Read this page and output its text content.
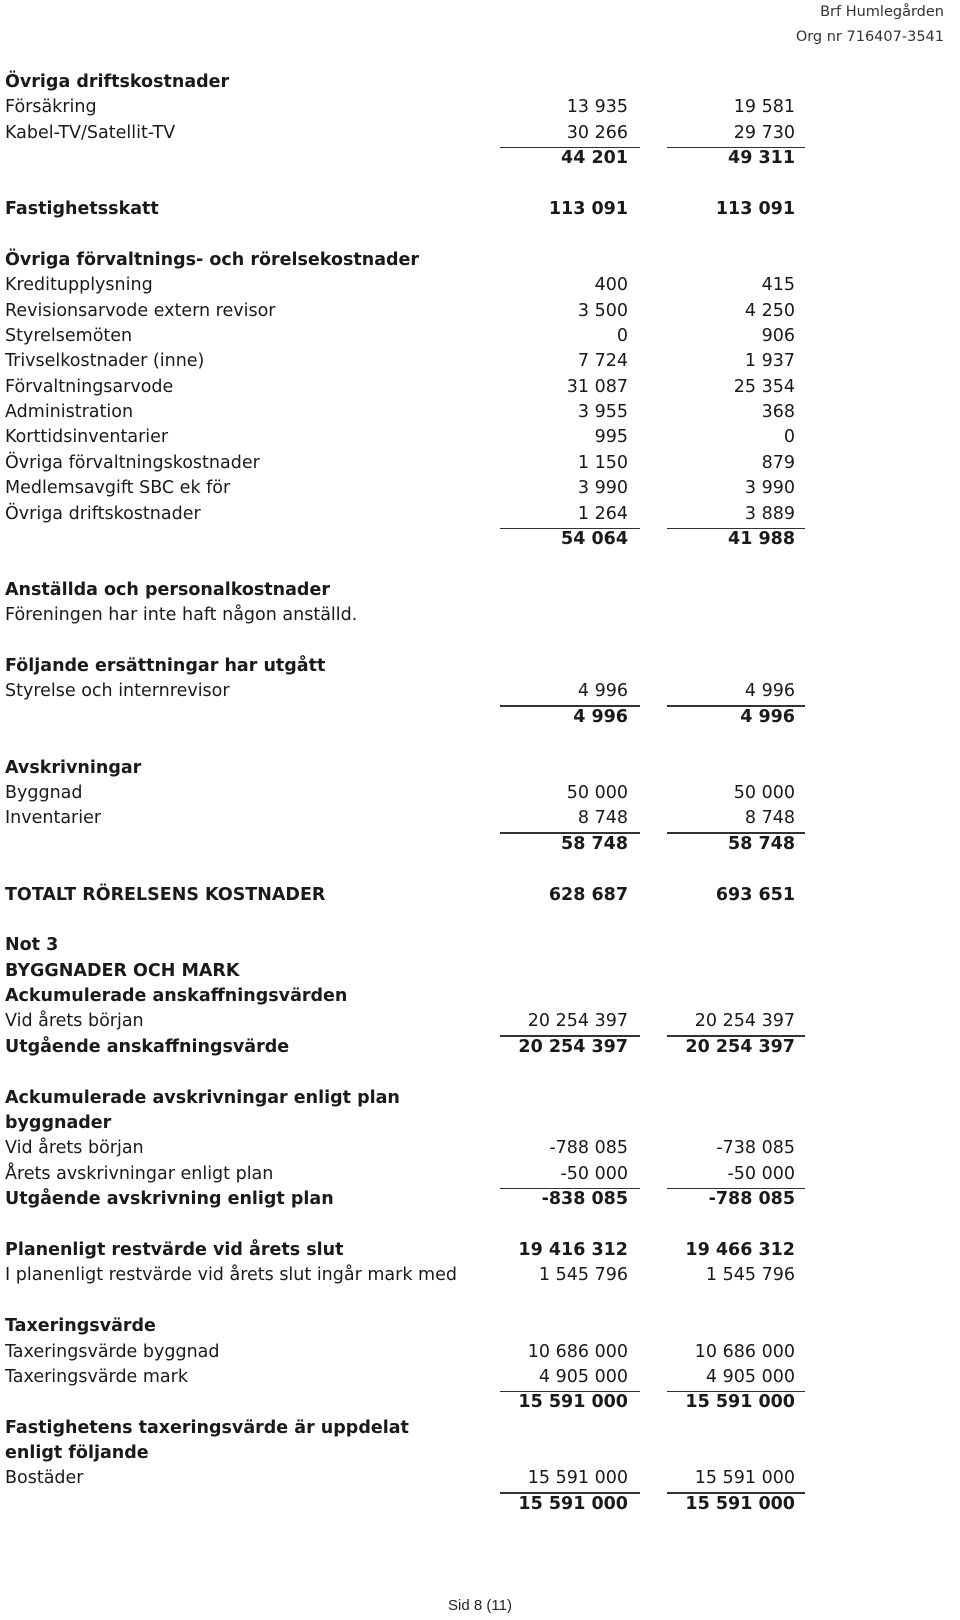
Brf Humlegården
Org nr 716407-3541
Övriga driftskostnader
Försäkring	13 935	19 581
Kabel-TV/Satellit-TV	30 266	29 730
44 201	49 311
Fastighetsskatt	113 091	113 091
Övriga förvaltnings- och rörelsekostnader
Kreditupplysning	400	415
Revisionsarvode extern revisor	3 500	4 250
Styrelsemöten	0	906
Trivselkostnader (inne)	7 724	1 937
Förvaltningsarvode	31 087	25 354
Administration	3 955	368
Korttidsinventarier	995	0
Övriga förvaltningskostnader	1 150	879
Medlemsavgift SBC ek för	3 990	3 990
Övriga driftskostnader	1 264	3 889
54 064	41 988
Anställda och personalkostnader
Föreningen har inte haft någon anställd.
Följande ersättningar har utgått
Styrelse och internrevisor	4 996	4 996
4 996	4 996
Avskrivningar
Byggnad	50 000	50 000
Inventarier	8 748	8 748
58 748	58 748
TOTALT RÖRELSENS KOSTNADER	628 687	693 651
Not 3
BYGGNADER OCH MARK
Ackumulerade anskaffningsvärden
Vid årets början	20 254 397	20 254 397
Utgående anskaffningsvärde	20 254 397	20 254 397
Ackumulerade avskrivningar enligt plan
byggnader
Vid årets början	-788 085	-738 085
Årets avskrivningar enligt plan	-50 000	-50 000
Utgående avskrivning enligt plan	-838 085	-788 085
Planenligt restvärde vid årets slut	19 416 312	19 466 312
I planenligt restvärde vid årets slut ingår mark med	1 545 796	1 545 796
Taxeringsvärde
Taxeringsvärde byggnad	10 686 000	10 686 000
Taxeringsvärde mark	4 905 000	4 905 000
15 591 000	15 591 000
Fastighetens taxeringsvärde är uppdelat
enligt följande
Bostäder	15 591 000	15 591 000
15 591 000	15 591 000
Sid 8 (11)
